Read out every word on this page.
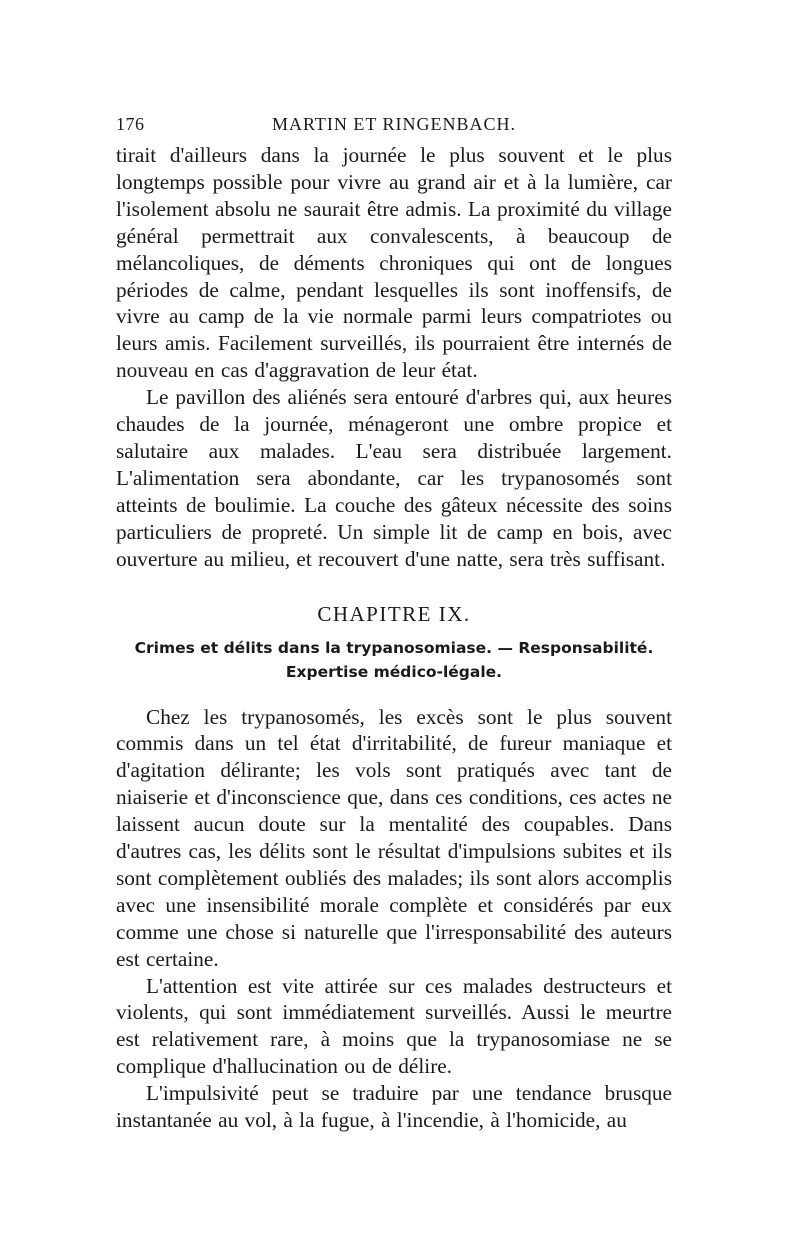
176	MARTIN ET RINGENBACH.

tirait d'ailleurs dans la journée le plus souvent et le plus longtemps possible pour vivre au grand air et à la lumière, car l'isolement absolu ne saurait être admis. La proximité du village général permettrait aux convalescents, à beaucoup de mélancoliques, de déments chroniques qui ont de longues périodes de calme, pendant lesquelles ils sont inoffensifs, de vivre au camp de la vie normale parmi leurs compatriotes ou leurs amis. Facilement surveillés, ils pourraient être internés de nouveau en cas d'aggravation de leur état.

Le pavillon des aliénés sera entouré d'arbres qui, aux heures chaudes de la journée, ménageront une ombre propice et salutaire aux malades. L'eau sera distribuée largement. L'alimentation sera abondante, car les trypanosomés sont atteints de boulimie. La couche des gâteux nécessite des soins particuliers de propreté. Un simple lit de camp en bois, avec ouverture au milieu, et recouvert d'une natte, sera très suffisant.

CHAPITRE IX.
Crimes et délits dans la trypanosomiase. — Responsabilité.
Expertise médico-légale.

Chez les trypanosomés, les excès sont le plus souvent commis dans un tel état d'irritabilité, de fureur maniaque et d'agitation délirante; les vols sont pratiqués avec tant de niaiserie et d'inconscience que, dans ces conditions, ces actes ne laissent aucun doute sur la mentalité des coupables. Dans d'autres cas, les délits sont le résultat d'impulsions subites et ils sont complètement oubliés des malades; ils sont alors accomplis avec une insensibilité morale complète et considérés par eux comme une chose si naturelle que l'irresponsabilité des auteurs est certaine.

L'attention est vite attirée sur ces malades destructeurs et violents, qui sont immédiatement surveillés. Aussi le meurtre est relativement rare, à moins que la trypanosomiase ne se complique d'hallucination ou de délire.

L'impulsivité peut se traduire par une tendance brusque instantanée au vol, à la fugue, à l'incendie, à l'homicide, au
